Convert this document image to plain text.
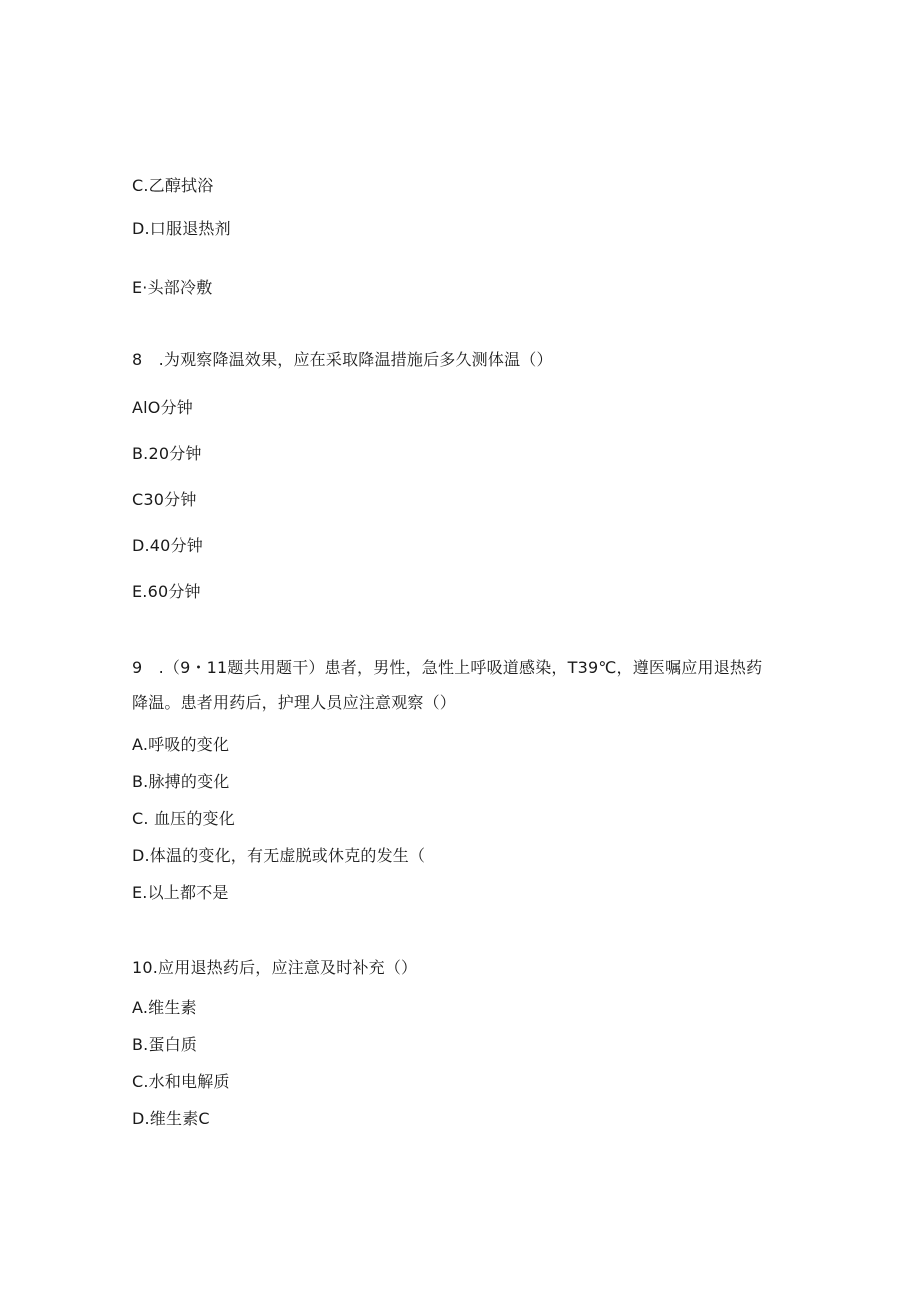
C.乙醇拭浴
D.口服退热剂
E·头部冷敷
8　.为观察降温效果，应在采取降温措施后多久测体温（）
AlO分钟
B.20分钟
C30分钟
D.40分钟
E.60分钟
9　.（9・11题共用题干）患者，男性，急性上呼吸道感染，T39℃，遵医嘱应用退热药
降温。患者用药后，护理人员应注意观察（）
A.呼吸的变化
B.脉搏的变化
C. 血压的变化
D.体温的变化，有无虚脱或休克的发生（
E.以上都不是
10.应用退热药后，应注意及时补充（）
A.维生素
B.蛋白质
C.水和电解质
D.维生素C
